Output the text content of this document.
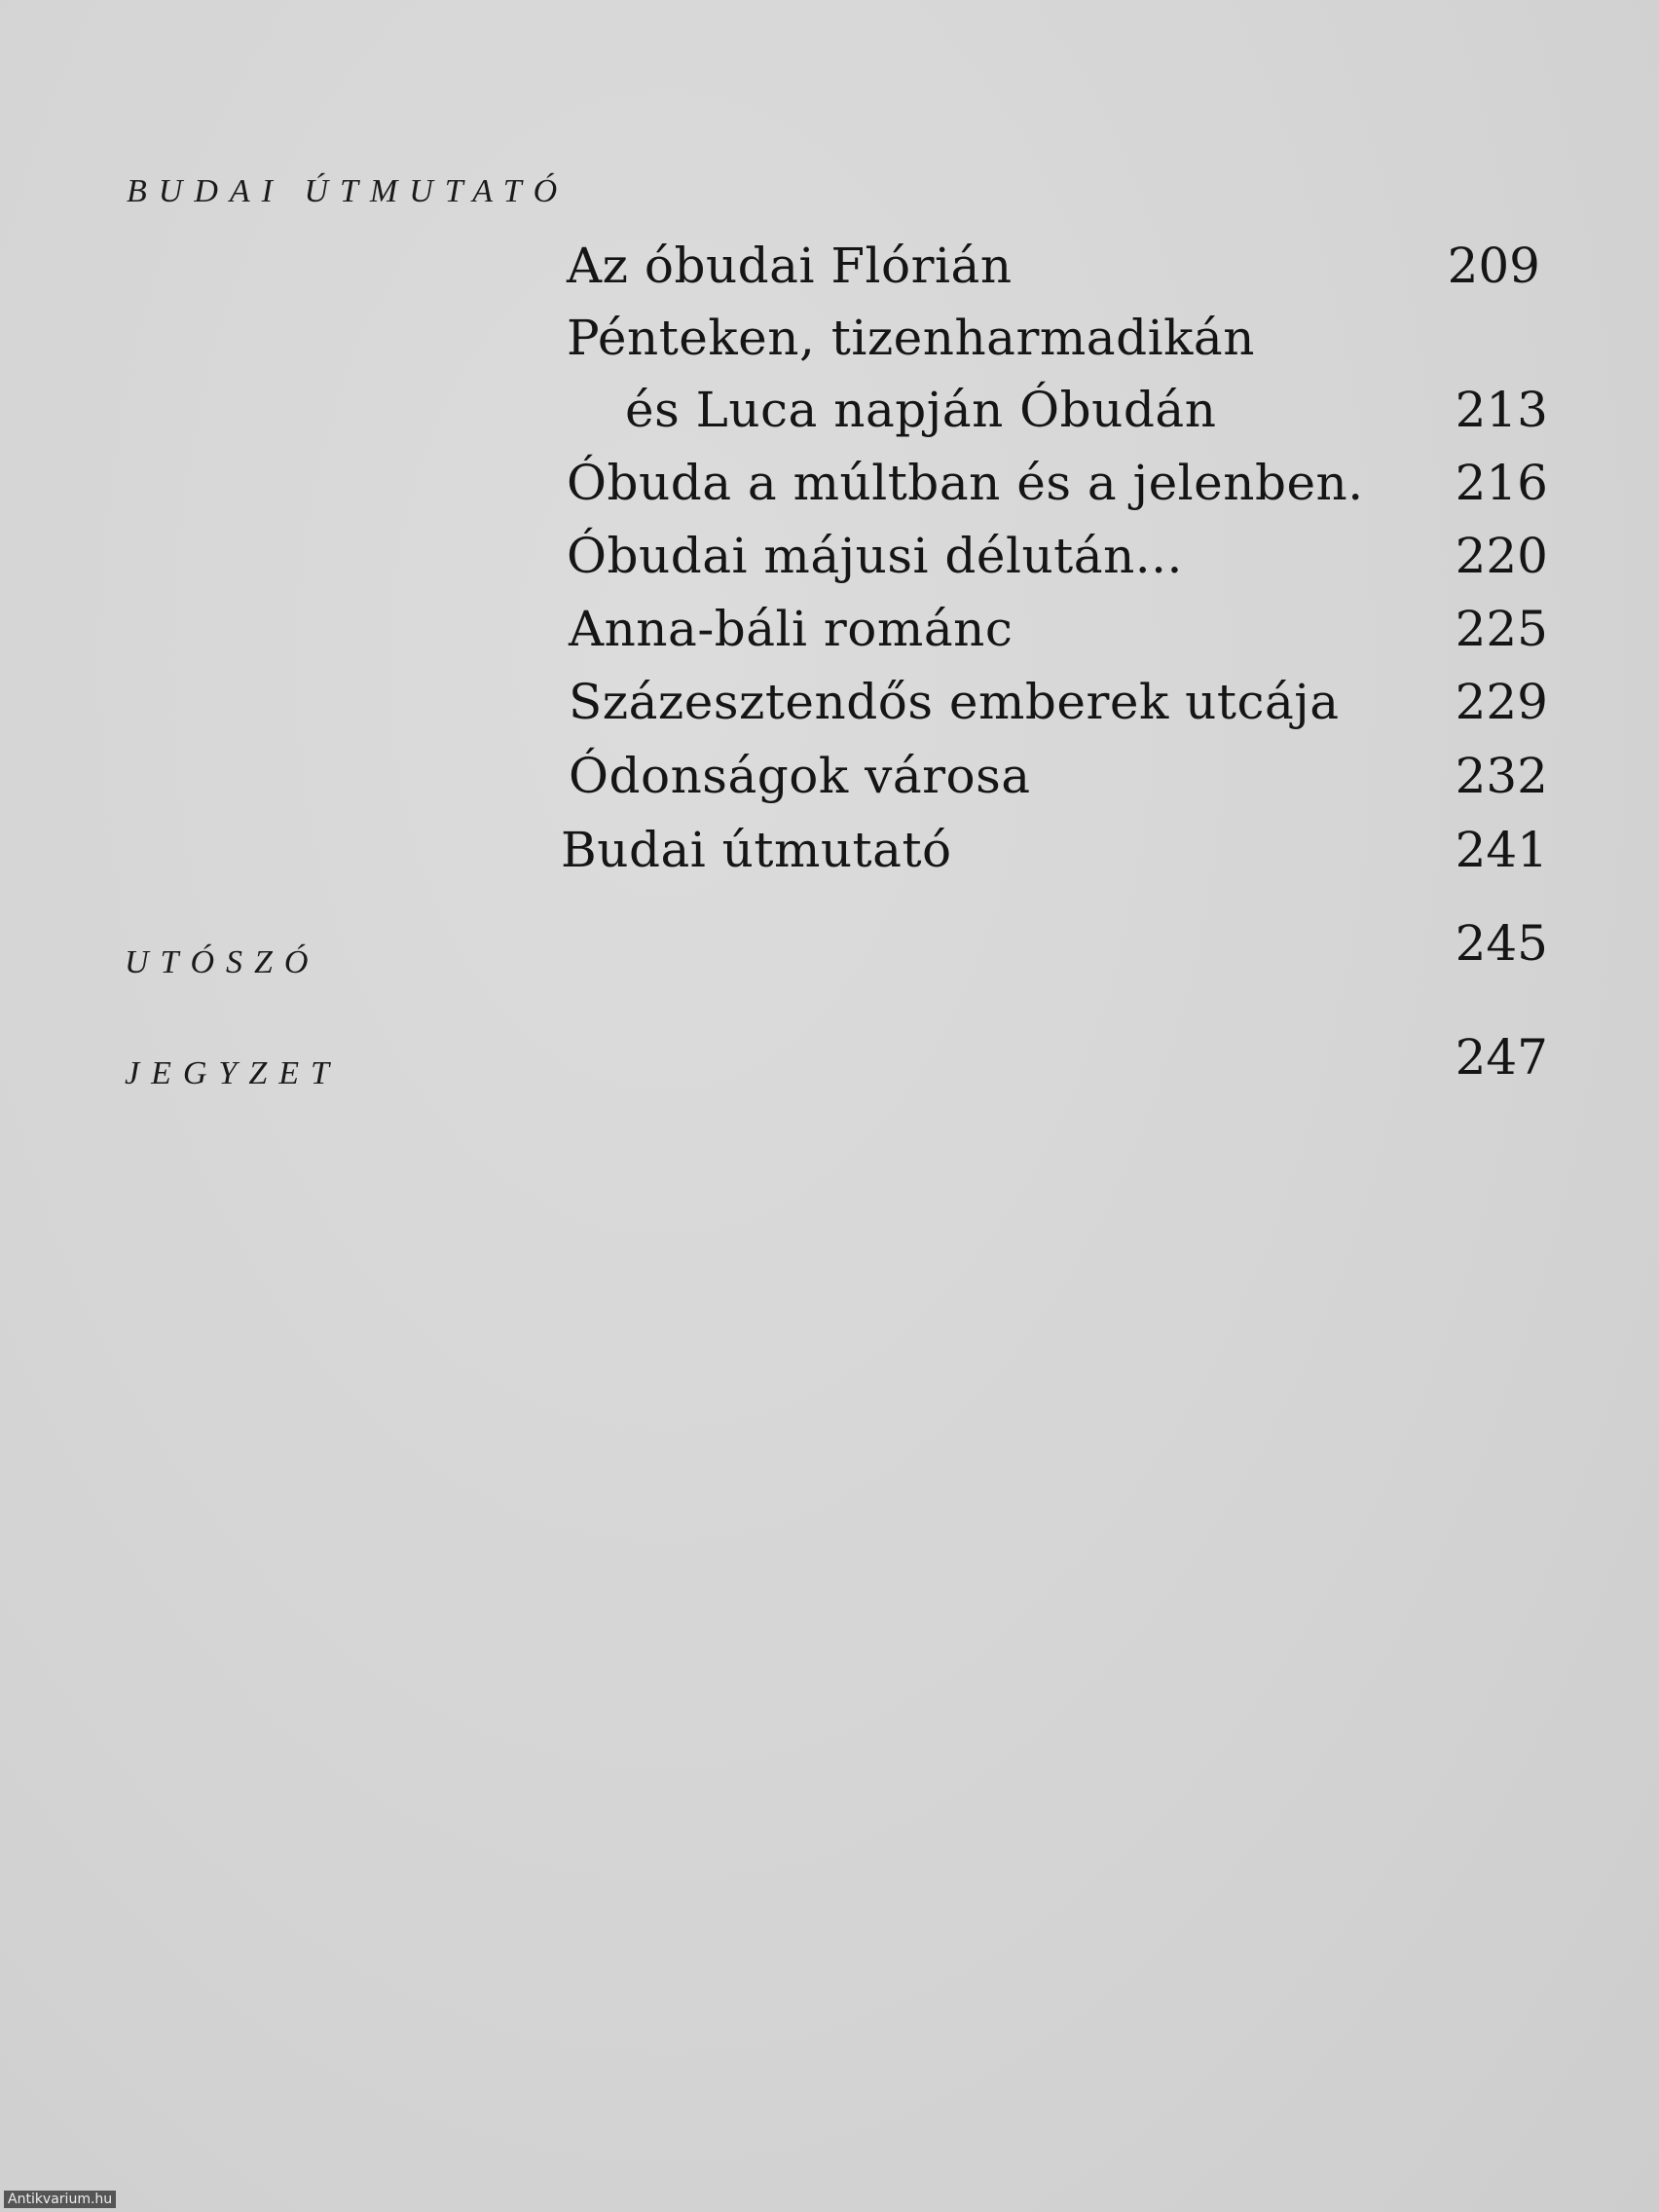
BUDAI ÚTMUTATÓ
Az óbudai Flórián	209
Pénteken, tizenharmadikán
és Luca napján Óbudán	213
Óbuda a múltban és a jelenben.	216
Óbudai májusi délután...	220
Anna-báli románc	225
Százesztendős emberek utcája	229
Ódonságok városa	232
Budai útmutató	241
UTÓSZÓ	245
JEGYZET	247
Antikvarium.hu
